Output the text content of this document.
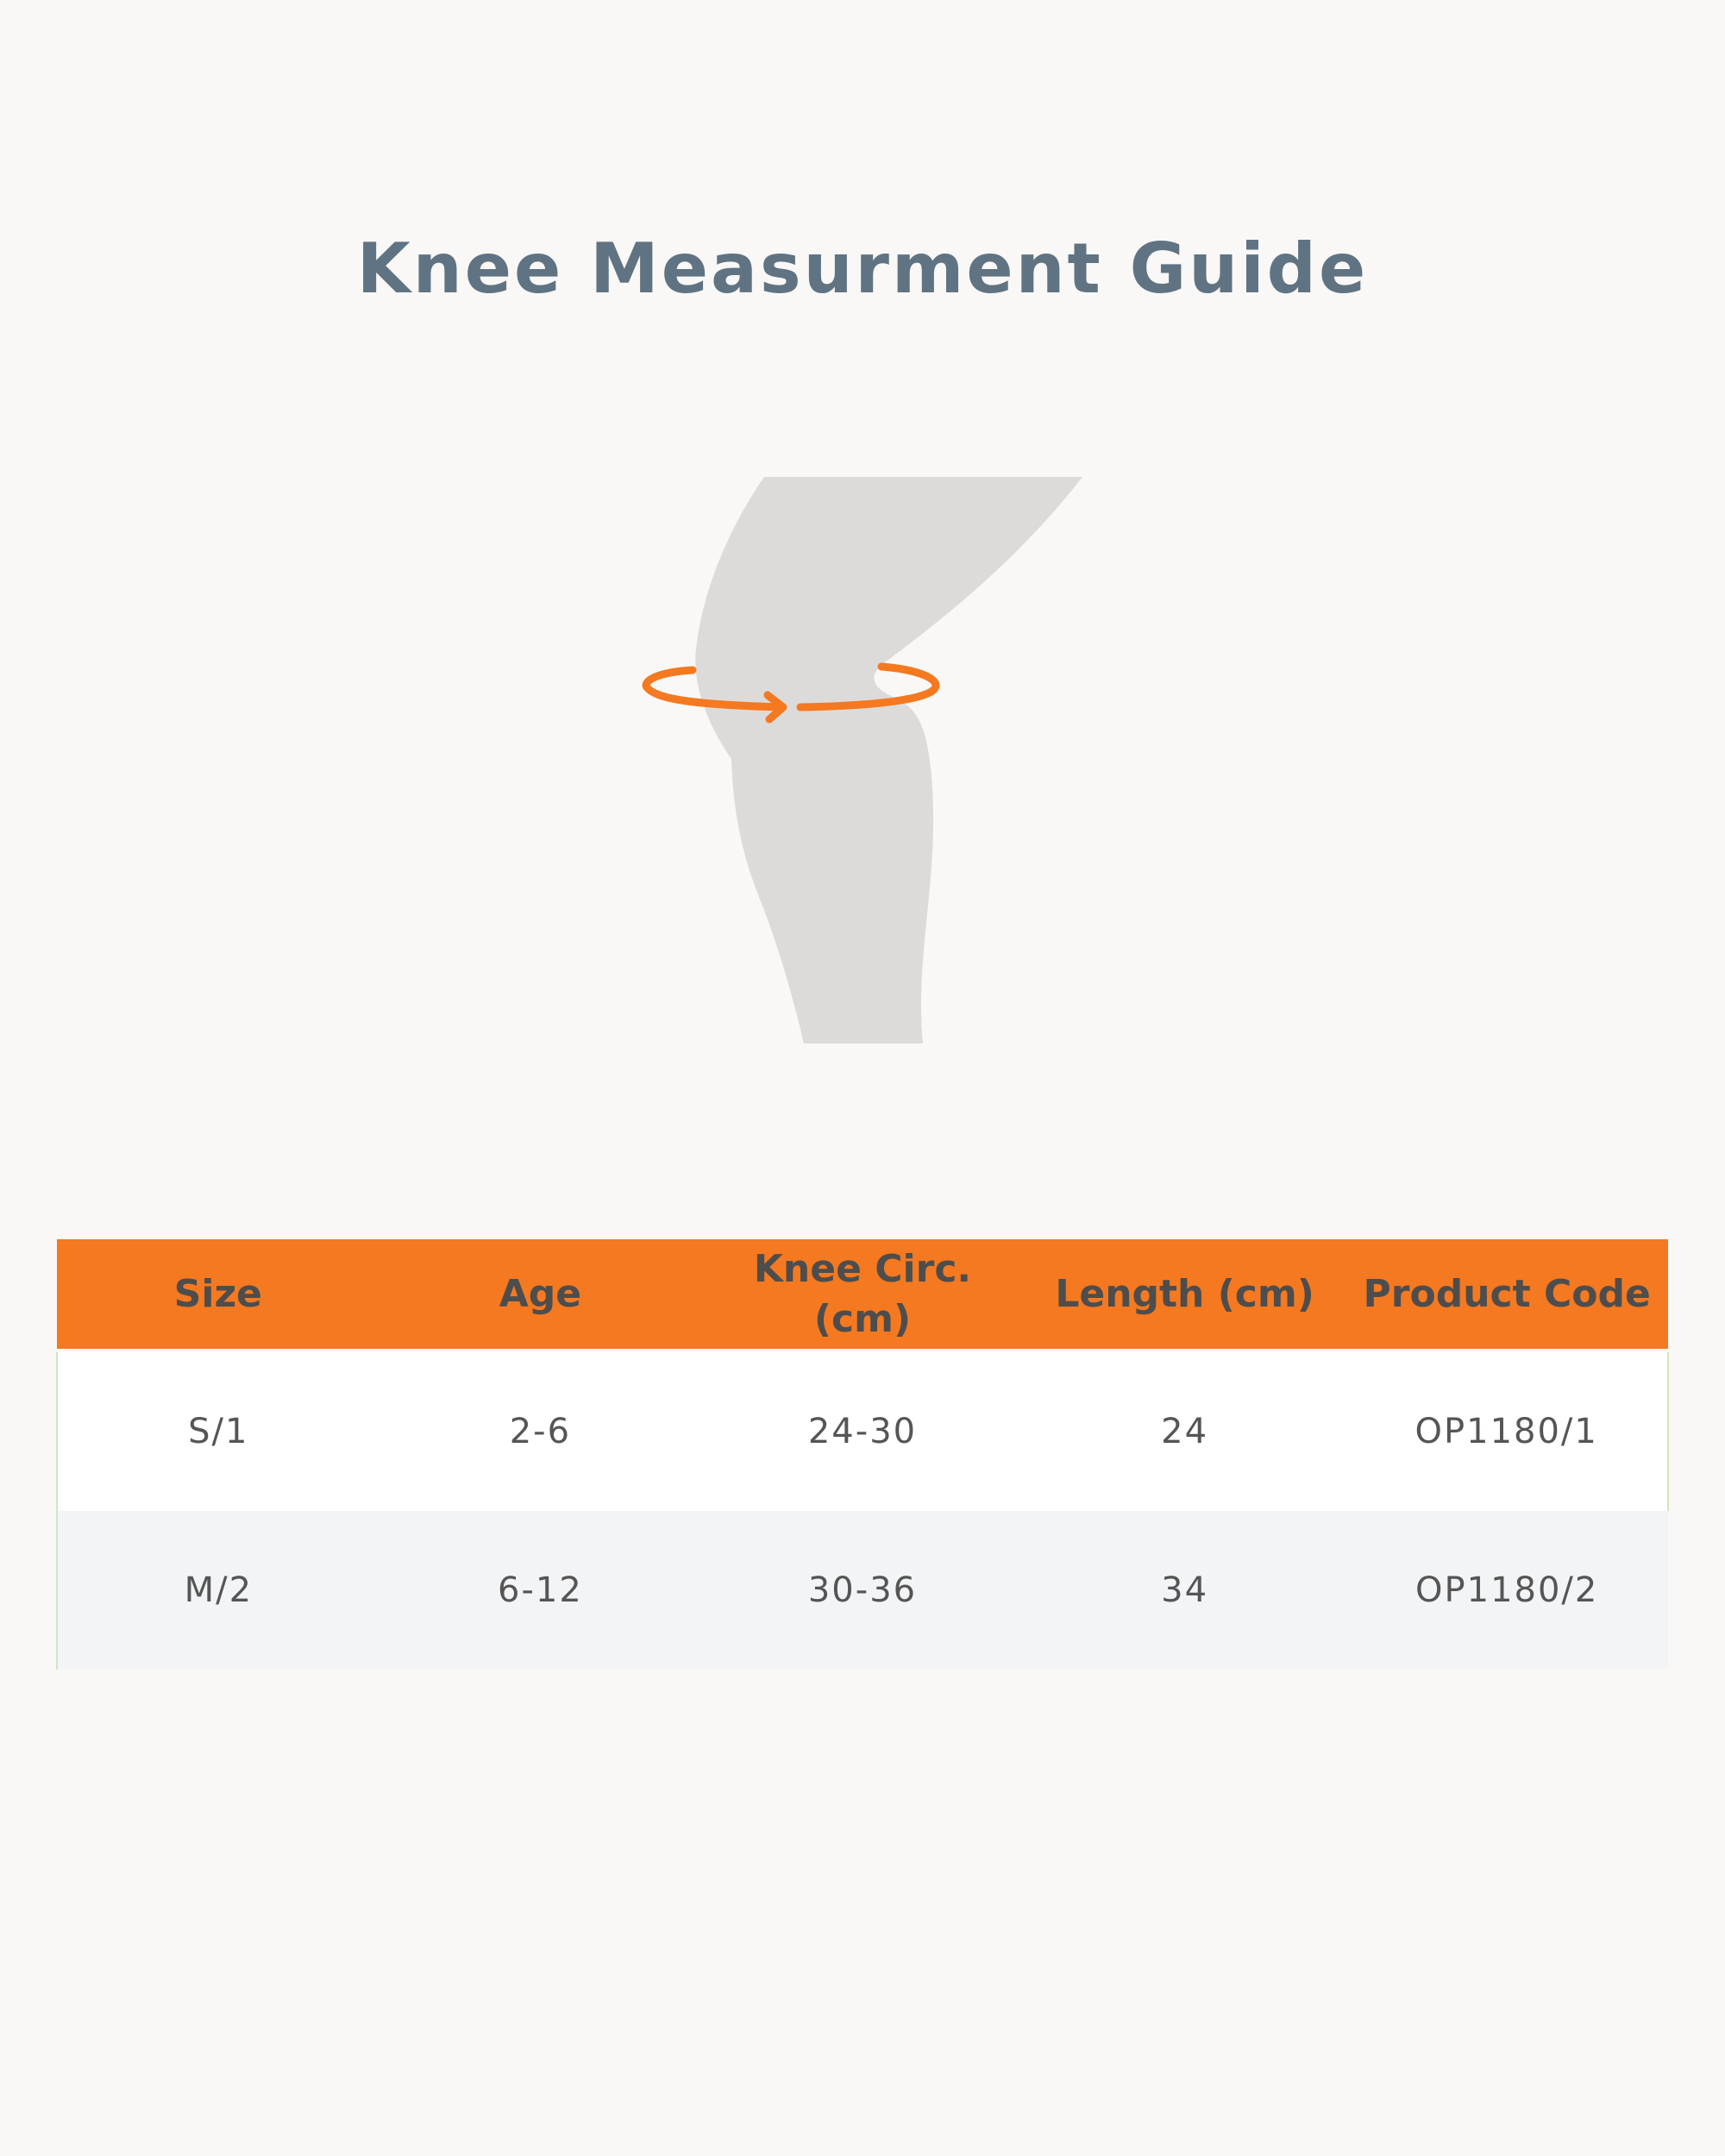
Knee Measurment Guide
Size	Age	Knee Circ. (cm)	Length (cm)	Product Code
S/1	2-6	24-30	24	OP1180/1
M/2	6-12	30-36	34	OP1180/2
